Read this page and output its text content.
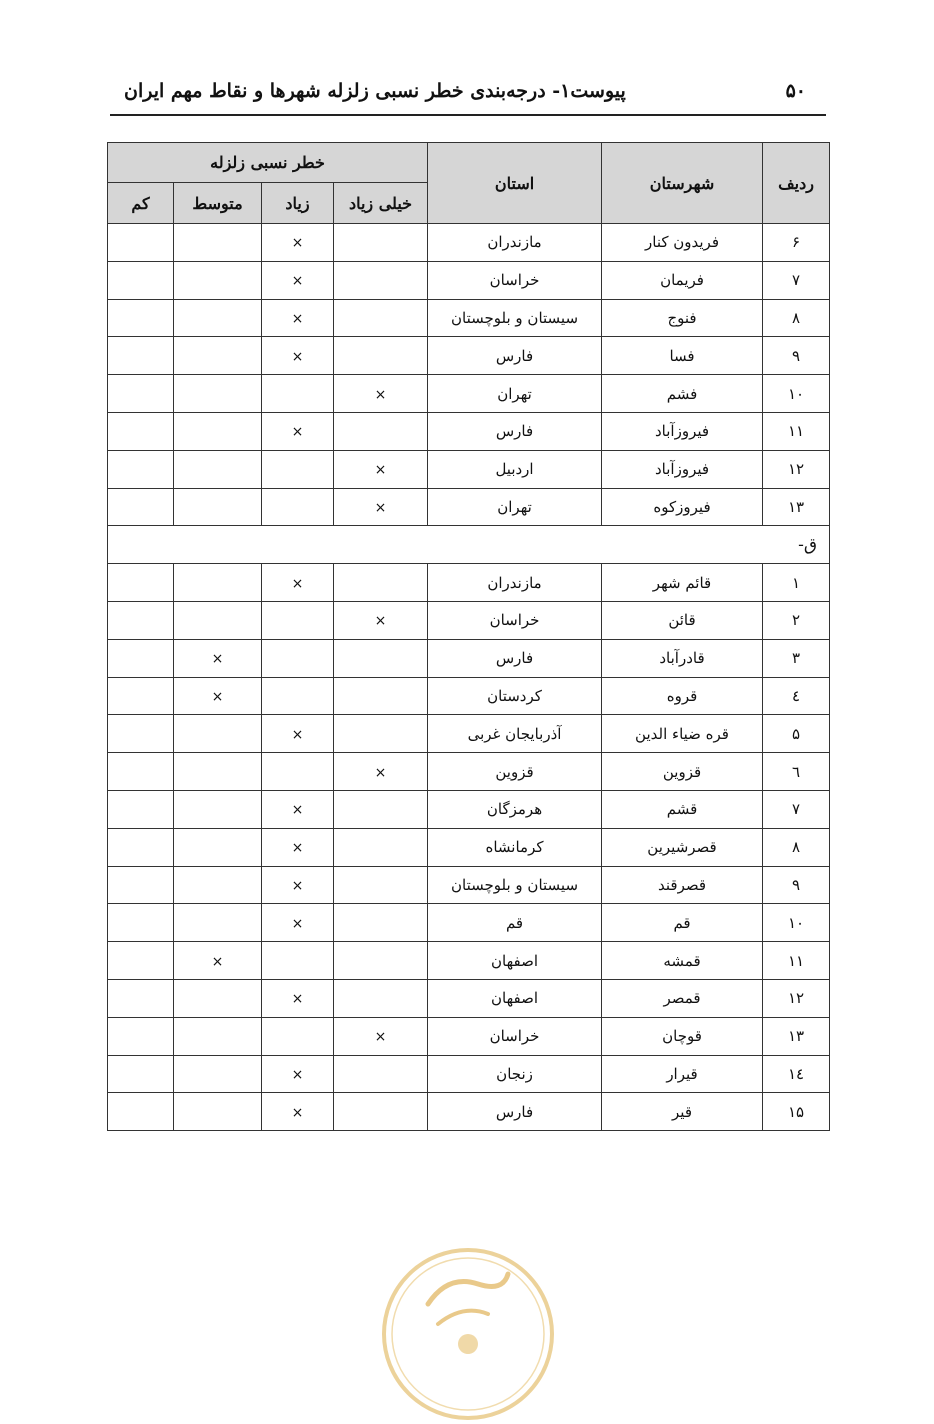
۵۰
پیوست۱- درجه‌بندی خطر نسبی زلزله شهرها و نقاط مهم ایران
ردیف	شهرستان	استان	خطر نسبی زلزله			
			خیلی زیاد	زیاد	متوسط	کم
۶	فریدون کنار	مازندران		×		
۷	فریمان	خراسان		×		
۸	فنوج	سیستان و بلوچستان		×		
۹	فسا	فارس		×		
۱۰	فشم	تهران	×			
۱۱	فیروزآباد	فارس		×		
۱۲	فیروزآباد	اردبیل	×			
۱۳	فیروزکوه	تهران	×			
ق-						
۱	قائم شهر	مازندران		×		
۲	قائن	خراسان	×			
۳	قادرآباد	فارس			×	
٤	قروه	کردستان			×	
۵	قره ضیاء الدین	آذربایجان غربی		×		
٦	قزوین	قزوین	×			
۷	قشم	هرمزگان		×		
۸	قصرشیرین	کرمانشاه		×		
۹	قصرقند	سیستان و بلوچستان		×		
۱۰	قم	قم		×		
۱۱	قمشه	اصفهان			×	
۱۲	قمصر	اصفهان		×		
۱۳	قوچان	خراسان	×			
۱٤	قیرار	زنجان		×		
۱۵	قیر	فارس		×		
